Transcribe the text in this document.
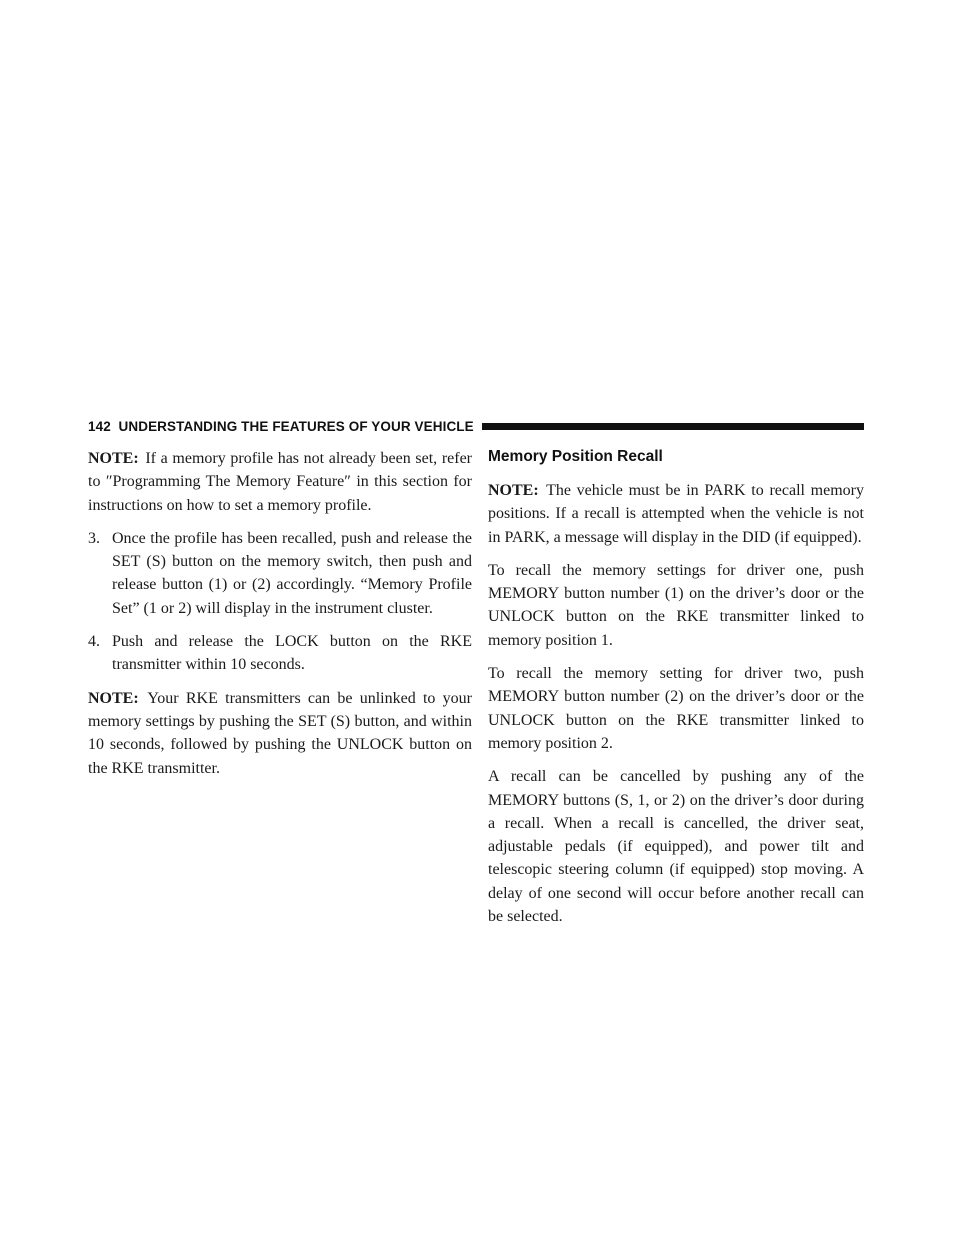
142 UNDERSTANDING THE FEATURES OF YOUR VEHICLE

NOTE: If a memory profile has not already been set, refer to ″Programming The Memory Feature″ in this section for instructions on how to set a memory profile.

3. Once the profile has been recalled, push and release the SET (S) button on the memory switch, then push and release button (1) or (2) accordingly. “Memory Profile Set” (1 or 2) will display in the instrument cluster.
4. Push and release the LOCK button on the RKE transmitter within 10 seconds.

NOTE: Your RKE transmitters can be unlinked to your memory settings by pushing the SET (S) button, and within 10 seconds, followed by pushing the UNLOCK button on the RKE transmitter.

Memory Position Recall

NOTE: The vehicle must be in PARK to recall memory positions. If a recall is attempted when the vehicle is not in PARK, a message will display in the DID (if equipped).

To recall the memory settings for driver one, push MEMORY button number (1) on the driver’s door or the UNLOCK button on the RKE transmitter linked to memory position 1.

To recall the memory setting for driver two, push MEMORY button number (2) on the driver’s door or the UNLOCK button on the RKE transmitter linked to memory position 2.

A recall can be cancelled by pushing any of the MEMORY buttons (S, 1, or 2) on the driver’s door during a recall. When a recall is cancelled, the driver seat, adjustable pedals (if equipped), and power tilt and telescopic steering column (if equipped) stop moving. A delay of one second will occur before another recall can be selected.
